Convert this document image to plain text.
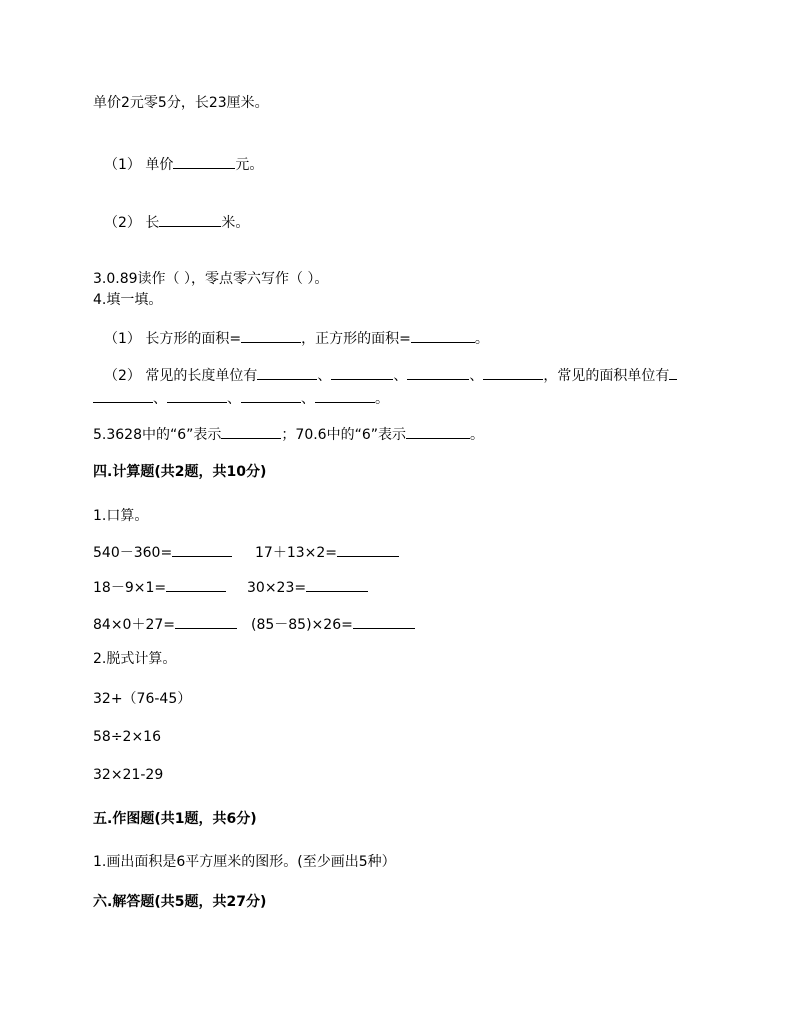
单价2元零5分，长23厘米。
（1） 单价	元。
（2） 长	米。
3.0.89读作（ ），零点零六写作（ ）。
4.填一填。
（1） 长方形的面积=	，正方形的面积=	。
（2） 常见的长度单位有	、	、	、	，常见的面积单位有
、	、	、	。
5.3628中的“6”表示	；70.6中的“6”表示	。
四.计算题(共2题，共10分)
1.口算。
540－360=	17＋13×2=
18－9×1=	30×23=
84×0＋27=	(85－85)×26=
2.脱式计算。
32+（76-45）
58÷2×16
32×21-29
五.作图题(共1题，共6分)
1.画出面积是6平方厘米的图形。(至少画出5种）
六.解答题(共5题，共27分)
